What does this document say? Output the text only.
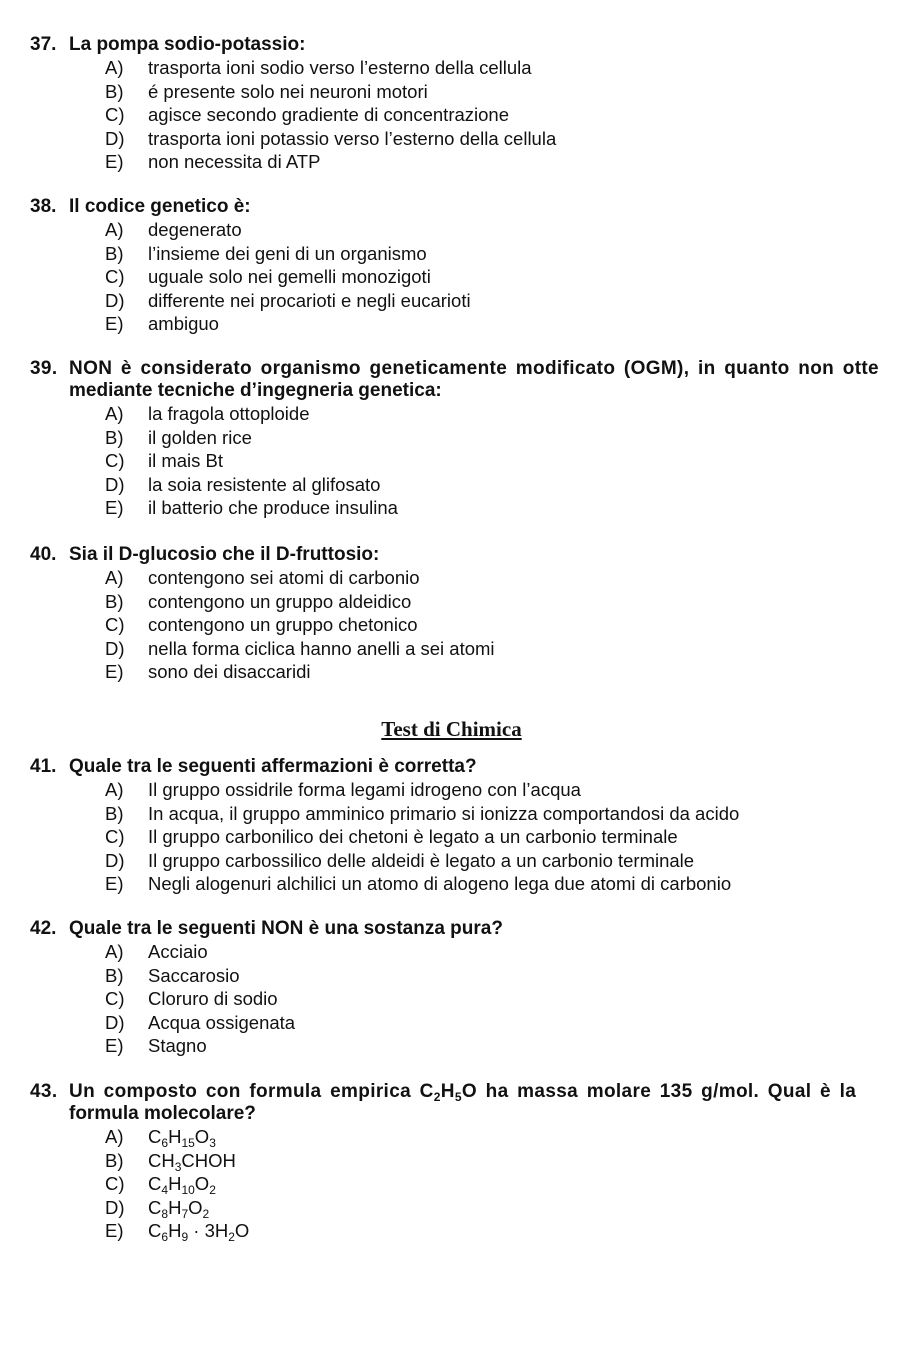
37. La pompa sodio-potassio:
A) trasporta ioni sodio verso l’esterno della cellula
B) é presente solo nei neuroni motori
C) agisce secondo gradiente di concentrazione
D) trasporta ioni potassio verso l’esterno della cellula
E) non necessita di ATP
38. Il codice genetico è:
A) degenerato
B) l’insieme dei geni di un organismo
C) uguale solo nei gemelli monozigoti
D) differente nei procarioti e negli eucarioti
E) ambiguo
39. NON è considerato organismo geneticamente modificato (OGM), in quanto non otte
mediante tecniche d’ingegneria genetica:
A) la fragola ottoploide
B) il golden rice
C) il mais Bt
D) la soia resistente al glifosato
E) il batterio che produce insulina
40. Sia il D-glucosio che il D-fruttosio:
A) contengono sei atomi di carbonio
B) contengono un gruppo aldeidico
C) contengono un gruppo chetonico
D) nella forma ciclica hanno anelli a sei atomi
E) sono dei disaccaridi
Test di Chimica
41. Quale tra le seguenti affermazioni è corretta?
A) Il gruppo ossidrile forma legami idrogeno con l’acqua
B) In acqua, il gruppo amminico primario si ionizza comportandosi da acido
C) Il gruppo carbonilico dei chetoni è legato a un carbonio terminale
D) Il gruppo carbossilico delle aldeidi è legato a un carbonio terminale
E) Negli alogenuri alchilici un atomo di alogeno lega due atomi di carbonio
42. Quale tra le seguenti NON è una sostanza pura?
A) Acciaio
B) Saccarosio
C) Cloruro di sodio
D) Acqua ossigenata
E) Stagno
43. Un composto con formula empirica $C_2H_5O$ ha massa molare 135 g/mol. Qual è la
formula molecolare?
A) $C_6H_{15}O_3$
B) $CH_3CHOH$
C) $C_4H_{10}O_2$
D) $C_8H_7O_2$
E) $C_6H_9 \cdot 3H_2O$
